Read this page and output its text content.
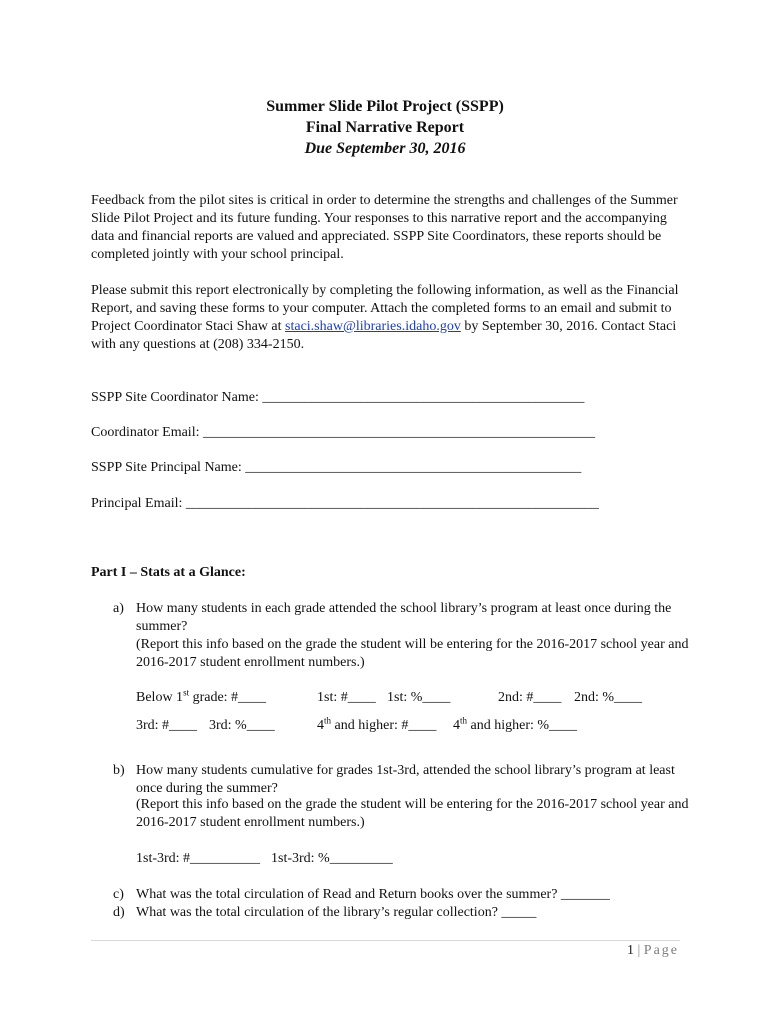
Summer Slide Pilot Project (SSPP)
Final Narrative Report
Due September 30, 2016
Feedback from the pilot sites is critical in order to determine the strengths and challenges of the Summer Slide Pilot Project and its future funding. Your responses to this narrative report and the accompanying data and financial reports are valued and appreciated. SSPP Site Coordinators, these reports should be completed jointly with your school principal.
Please submit this report electronically by completing the following information, as well as the Financial Report, and saving these forms to your computer. Attach the completed forms to an email and submit to Project Coordinator Staci Shaw at staci.shaw@libraries.idaho.gov by September 30, 2016. Contact Staci with any questions at (208) 334-2150.
SSPP Site Coordinator Name: ______________________________________________
Coordinator Email: ________________________________________________________
SSPP Site Principal Name: ________________________________________________
Principal Email: ___________________________________________________________
Part I – Stats at a Glance:
a) How many students in each grade attended the school library’s program at least once during the summer?
(Report this info based on the grade the student will be entering for the 2016-2017 school year and 2016-2017 student enrollment numbers.)
Below 1st grade: #____	1st: #____ 1st: %____	2nd: #____ 2nd: %____
3rd: #____ 3rd: %____	4th and higher: #____ 4th and higher: %____
b) How many students cumulative for grades 1st-3rd, attended the school library’s program at least once during the summer?
(Report this info based on the grade the student will be entering for the 2016-2017 school year and 2016-2017 student enrollment numbers.)
1st-3rd: #__________ 1st-3rd: %_________
c) What was the total circulation of Read and Return books over the summer? _______
d) What was the total circulation of the library’s regular collection? _____
1 | Page
